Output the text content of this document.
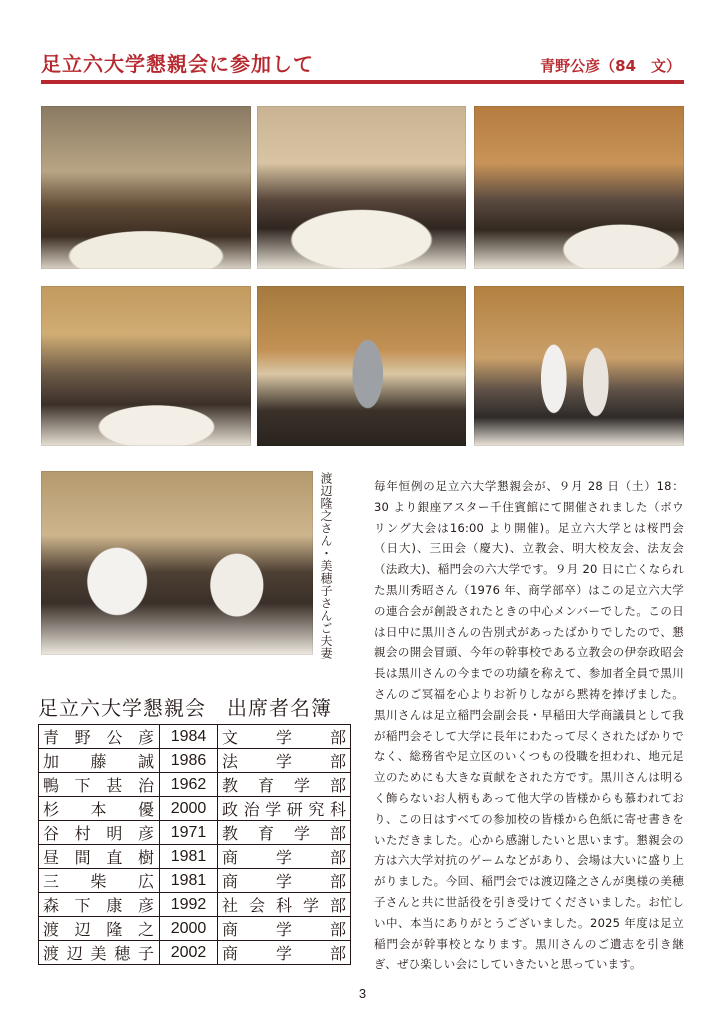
足立六大学懇親会に参加して	青野公彦（84　文）
渡辺隆之さん・美穂子さんご夫妻
足立六大学懇親会　出席者名簿
青野公彦	1984	文学部
加藤誠	1986	法学部
鴨下甚治	1962	教育学部
杉本優	2000	政治学研究科
谷村明彦	1971	教育学部
昼間直樹	1981	商学部
三柴広	1981	商学部
森下康彦	1992	社会科学部
渡辺隆之	2000	商学部
渡辺美穂子	2002	商学部

毎年恒例の足立六大学懇親会が、９月 28 日（土）18：30 より銀座アスター千住賓館にて開催されました（ボウリング大会は16:00 より開催)。足立六大学とは桜門会（日大)、三田会（慶大)、立教会、明大校友会、法友会（法政大)、稲門会の六大学です。９月 20 日に亡くなられた黒川秀昭さん（1976 年、商学部卒）はこの足立六大学の連合会が創設されたときの中心メンバーでした。この日は日中に黒川さんの告別式があったばかりでしたので、懇親会の開会冒頭、今年の幹事校である立教会の伊奈政昭会長は黒川さんの今までの功績を称えて、参加者全員で黒川さんのご冥福を心よりお祈りしながら黙祷を捧げました。黒川さんは足立稲門会副会長・早稲田大学商議員として我が稲門会そして大学に長年にわたって尽くされたばかりでなく、総務省や足立区のいくつもの役職を担われ、地元足立のためにも大きな貢献をされた方です。黒川さんは明るく飾らないお人柄もあって他大学の皆様からも慕われており、この日はすべての参加校の皆様から色紙に寄せ書きをいただきました。心から感謝したいと思います。懇親会の方は六大学対抗のゲームなどがあり、会場は大いに盛り上がりました。今回、稲門会では渡辺隆之さんが奥様の美穂子さんと共に世話役を引き受けてくださいました。お忙しい中、本当にありがとうございました。2025 年度は足立稲門会が幹事校となります。黒川さんのご遺志を引き継ぎ、ぜひ楽しい会にしていきたいと思っています。

3
